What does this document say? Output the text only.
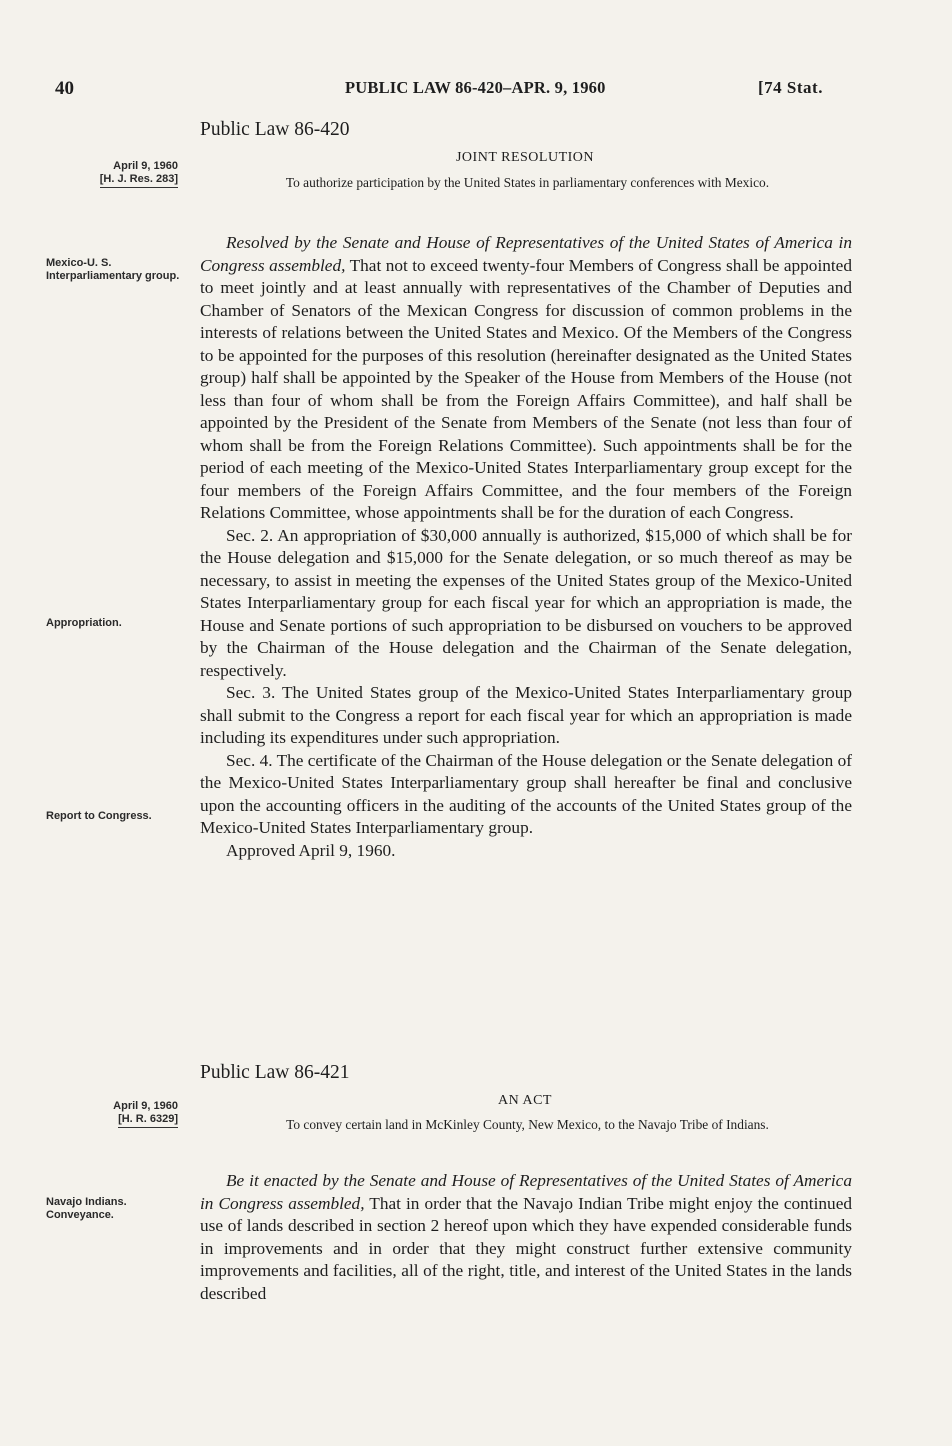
40	PUBLIC LAW 86-420–APR. 9, 1960	[74 Stat.
Public Law 86-420
JOINT RESOLUTION
April 9, 1960
[H. J. Res. 283]	To authorize participation by the United States in parliamentary conferences with Mexico.
Mexico-U. S. Interparliamentary group.
Appropriation.
Report to Congress.

Resolved by the Senate and House of Representatives of the United States of America in Congress assembled, That not to exceed twenty-four Members of Congress shall be appointed to meet jointly and at least annually with representatives of the Chamber of Deputies and Chamber of Senators of the Mexican Congress for discussion of common problems in the interests of relations between the United States and Mexico. Of the Members of the Congress to be appointed for the purposes of this resolution (hereinafter designated as the United States group) half shall be appointed by the Speaker of the House from Members of the House (not less than four of whom shall be from the Foreign Affairs Committee), and half shall be appointed by the President of the Senate from Members of the Senate (not less than four of whom shall be from the Foreign Relations Committee). Such appointments shall be for the period of each meeting of the Mexico-United States Interparliamentary group except for the four members of the Foreign Affairs Committee, and the four members of the Foreign Relations Committee, whose appointments shall be for the duration of each Congress.

Sec. 2. An appropriation of $30,000 annually is authorized, $15,000 of which shall be for the House delegation and $15,000 for the Senate delegation, or so much thereof as may be necessary, to assist in meeting the expenses of the United States group of the Mexico-United States Interparliamentary group for each fiscal year for which an appropriation is made, the House and Senate portions of such appropriation to be disbursed on vouchers to be approved by the Chairman of the House delegation and the Chairman of the Senate delegation, respectively.

Sec. 3. The United States group of the Mexico-United States Interparliamentary group shall submit to the Congress a report for each fiscal year for which an appropriation is made including its expenditures under such appropriation.

Sec. 4. The certificate of the Chairman of the House delegation or the Senate delegation of the Mexico-United States Interparliamentary group shall hereafter be final and conclusive upon the accounting officers in the auditing of the accounts of the United States group of the Mexico-United States Interparliamentary group.

Approved April 9, 1960.

Public Law 86-421
AN ACT
April 9, 1960
[H. R. 6329]	To convey certain land in McKinley County, New Mexico, to the Navajo Tribe of Indians.
Navajo Indians. Conveyance.

Be it enacted by the Senate and House of Representatives of the United States of America in Congress assembled, That in order that the Navajo Indian Tribe might enjoy the continued use of lands described in section 2 hereof upon which they have expended considerable funds in improvements and in order that they might construct further extensive community improvements and facilities, all of the right, title, and interest of the United States in the lands described
